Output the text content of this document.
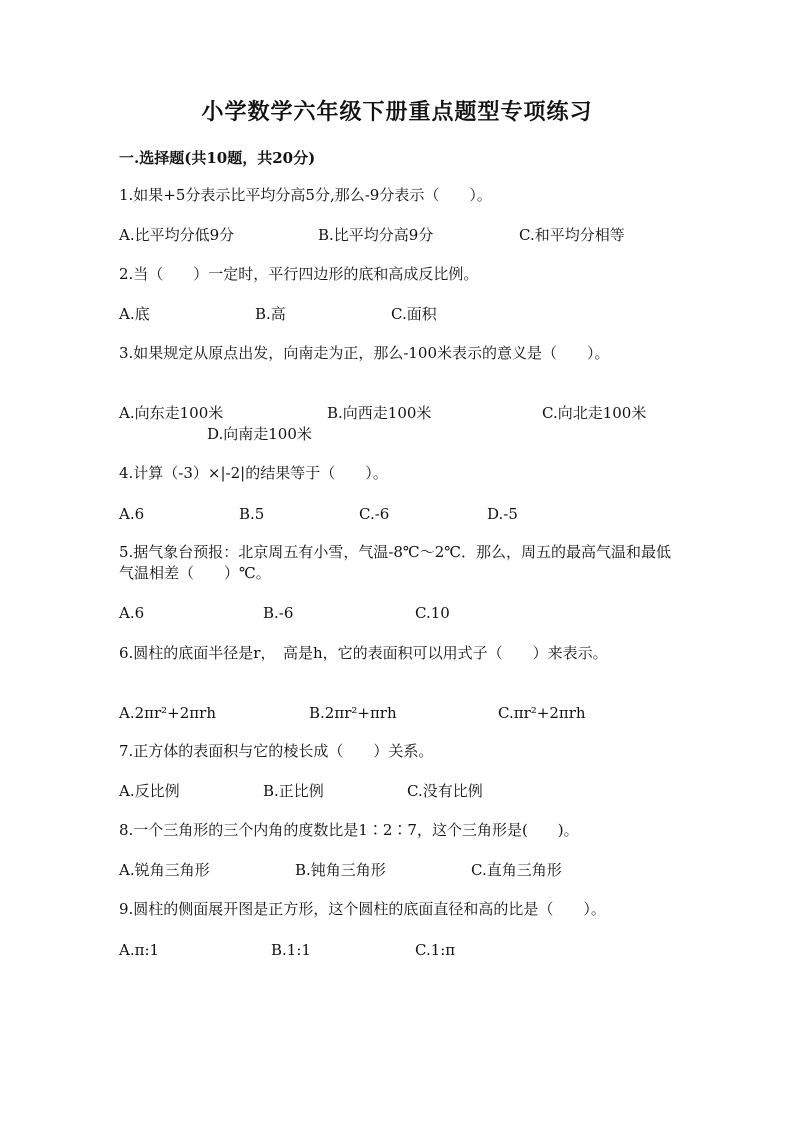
小学数学六年级下册重点题型专项练习
一.选择题(共10题，共20分)
1.如果+5分表示比平均分高5分,那么-9分表示（　　）。
A.比平均分低9分	B.比平均分高9分	C.和平均分相等
2.当（　　）一定时，平行四边形的底和高成反比例。
A.底	B.高	C.面积
3.如果规定从原点出发，向南走为正，那么-100米表示的意义是（　　）。
A.向东走100米	B.向西走100米	C.向北走100米
D.向南走100米
4.计算（-3）×|-2|的结果等于（　　）。
A.6	B.5	C.-6	D.-5
5.据气象台预报：北京周五有小雪，气温-8℃～2℃．那么，周五的最高气温和最低气温相差（　　）℃。
A.6	B.-6	C.10
6.圆柱的底面半径是r，　高是h，它的表面积可以用式子（　　）来表示。
A.2πr²+2πrh	B.2πr²+πrh	C.πr²+2πrh
7.正方体的表面积与它的棱长成（　　）关系。
A.反比例	B.正比例	C.没有比例
8.一个三角形的三个内角的度数比是1∶2∶7，这个三角形是(　　)。
A.锐角三角形	B.钝角三角形	C.直角三角形
9.圆柱的侧面展开图是正方形，这个圆柱的底面直径和高的比是（　　）。
A.π:1	B.1:1	C.1:π
